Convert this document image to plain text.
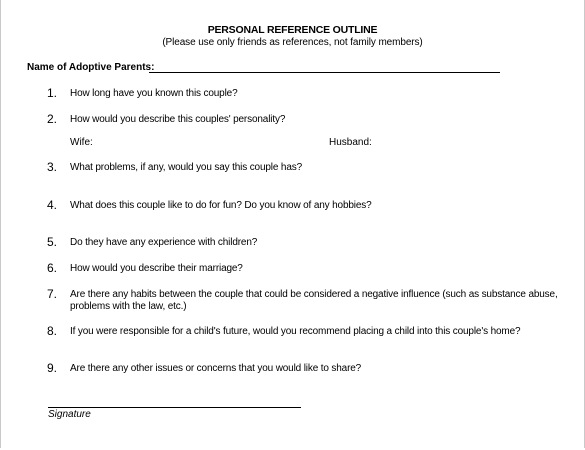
PERSONAL REFERENCE OUTLINE
(Please use only friends as references, not family members)
Name of Adoptive Parents:
1. How long have you known this couple?
2. How would you describe this couples' personality?
Wife:	Husband:
3. What problems, if any, would you say this couple has?
4. What does this couple like to do for fun? Do you know of any hobbies?
5. Do they have any experience with children?
6. How would you describe their marriage?
7. Are there any habits between the couple that could be considered a negative influence (such as substance abuse, problems with the law, etc.)
8. If you were responsible for a child's future, would you recommend placing a child into this couple's home?
9. Are there any other issues or concerns that you would like to share?
Signature
